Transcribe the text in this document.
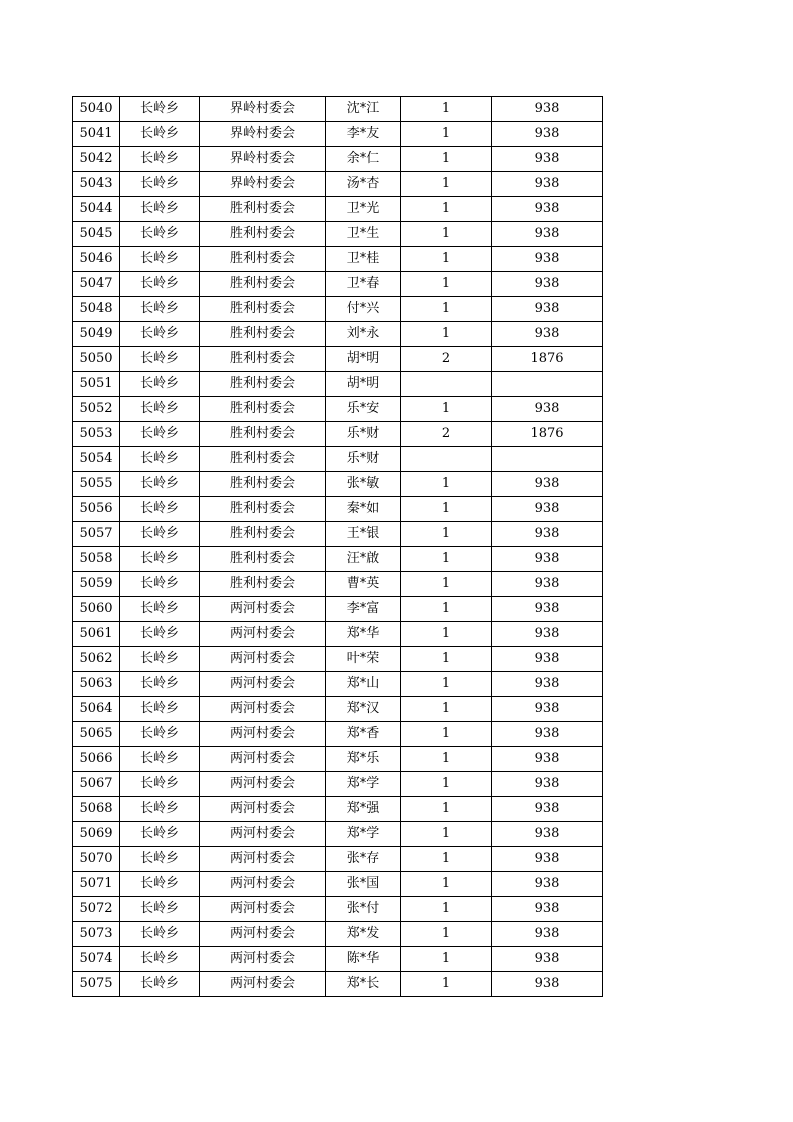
5040	长岭乡	界岭村委会	沈*江	1	938
5041	长岭乡	界岭村委会	李*友	1	938
5042	长岭乡	界岭村委会	余*仁	1	938
5043	长岭乡	界岭村委会	汤*杏	1	938
5044	长岭乡	胜利村委会	卫*光	1	938
5045	长岭乡	胜利村委会	卫*生	1	938
5046	长岭乡	胜利村委会	卫*桂	1	938
5047	长岭乡	胜利村委会	卫*春	1	938
5048	长岭乡	胜利村委会	付*兴	1	938
5049	长岭乡	胜利村委会	刘*永	1	938
5050	长岭乡	胜利村委会	胡*明	2	1876
5051	长岭乡	胜利村委会	胡*明		
5052	长岭乡	胜利村委会	乐*安	1	938
5053	长岭乡	胜利村委会	乐*财	2	1876
5054	长岭乡	胜利村委会	乐*财		
5055	长岭乡	胜利村委会	张*敏	1	938
5056	长岭乡	胜利村委会	秦*如	1	938
5057	长岭乡	胜利村委会	王*银	1	938
5058	长岭乡	胜利村委会	汪*啟	1	938
5059	长岭乡	胜利村委会	曹*英	1	938
5060	长岭乡	两河村委会	李*富	1	938
5061	长岭乡	两河村委会	郑*华	1	938
5062	长岭乡	两河村委会	叶*荣	1	938
5063	长岭乡	两河村委会	郑*山	1	938
5064	长岭乡	两河村委会	郑*汉	1	938
5065	长岭乡	两河村委会	郑*香	1	938
5066	长岭乡	两河村委会	郑*乐	1	938
5067	长岭乡	两河村委会	郑*学	1	938
5068	长岭乡	两河村委会	郑*强	1	938
5069	长岭乡	两河村委会	郑*学	1	938
5070	长岭乡	两河村委会	张*存	1	938
5071	长岭乡	两河村委会	张*国	1	938
5072	长岭乡	两河村委会	张*付	1	938
5073	长岭乡	两河村委会	郑*发	1	938
5074	长岭乡	两河村委会	陈*华	1	938
5075	长岭乡	两河村委会	郑*长	1	938
